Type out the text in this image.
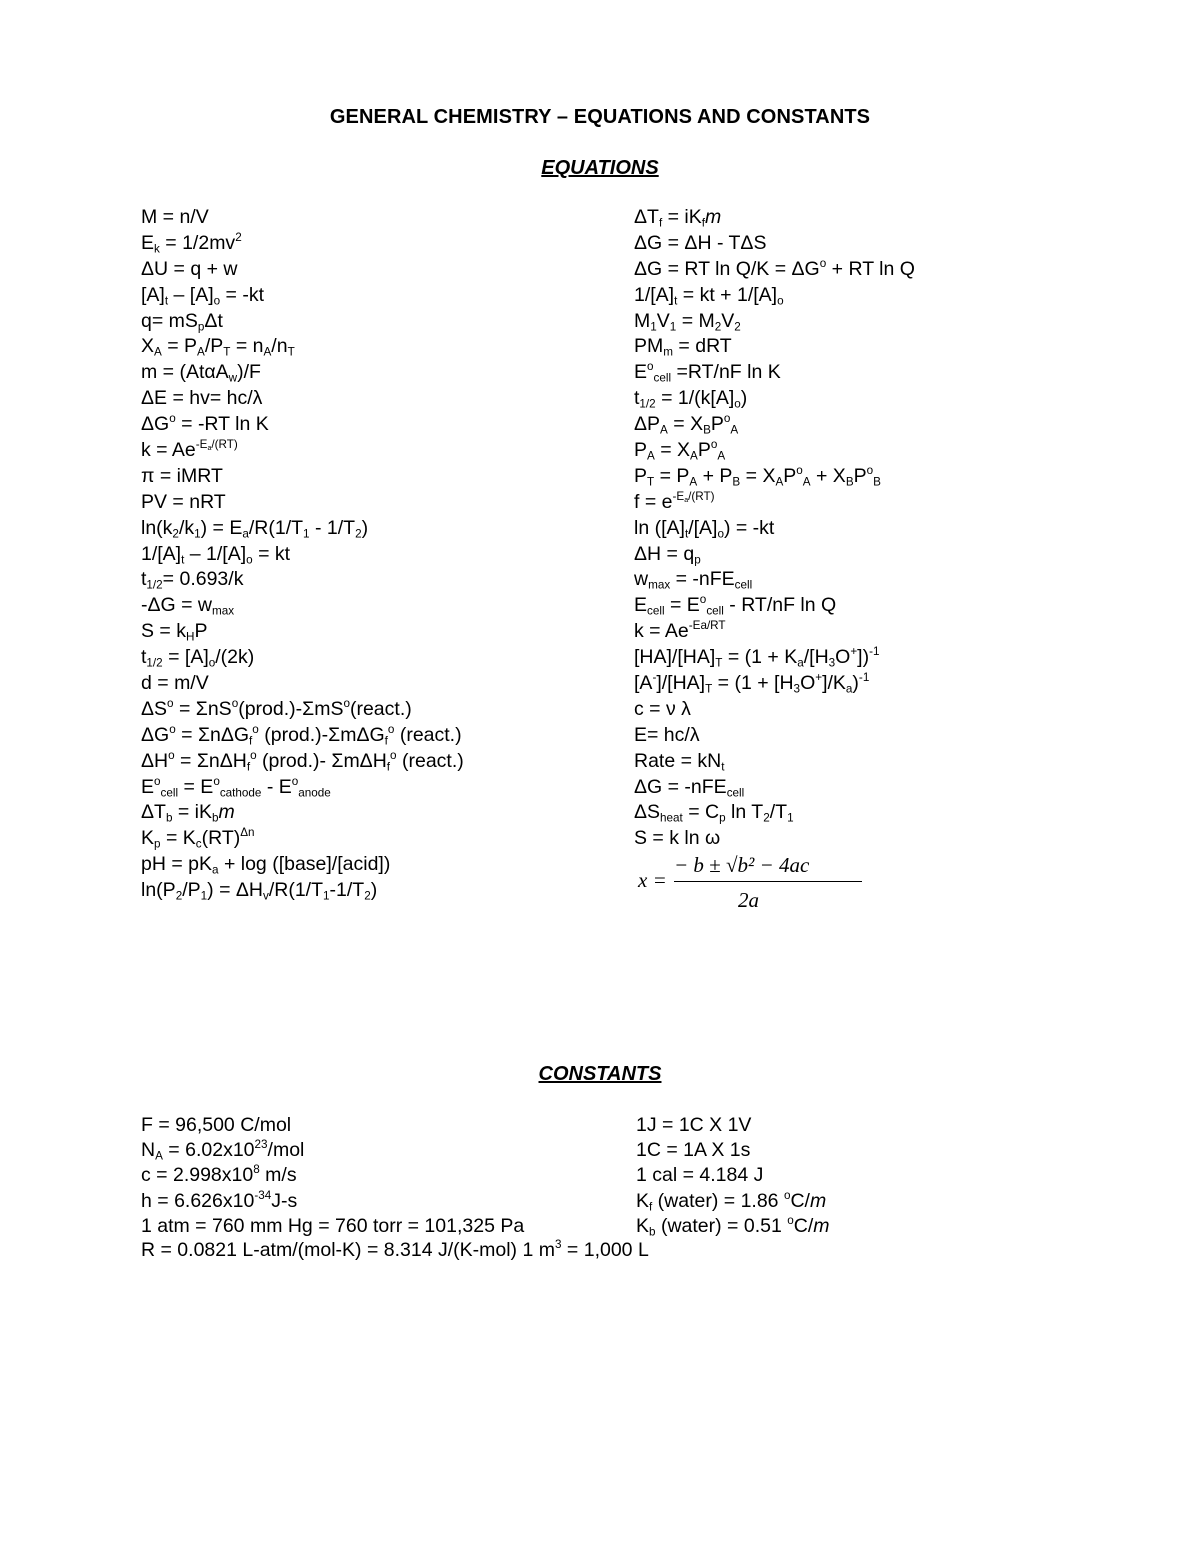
GENERAL CHEMISTRY – EQUATIONS AND CONSTANTS
EQUATIONS
M = n/V
$E_k = 1/2mv^2$
ΔU = q + w
$[A]_t - [A]_o = -kt$
$q= mS_p\Delta t$
$X_A = P_A/P_T = n_A/n_T$
m = (AtαA$_w$)/F
ΔE = hv= hc/λ
$\Delta G^o = -RT$ ln K
$k = Ae^{-E_a/(RT)}$
π = iMRT
PV = nRT
$\ln(k_2/k_1) = E_a/R(1/T_1 - 1/T_2)$
$1/[A]_t - 1/[A]_o$ = kt
$t_{1/2}= 0.693/k$
$-\Delta G = w_{max}$
$S = k_HP$
$t_{1/2} = [A]_o/(2k)$
d = m/V
$\Delta S^o$ = ΣnS$^o$(prod.)-ΣmS$^o$(react.)
$\Delta G^o = \Sigma n\Delta G_f^o$ (prod.)-ΣmΔG$_f^o$ (react.)
$\Delta H^o = \Sigma n\Delta H_f^o$ (prod.)- ΣmΔH$_f^o$ (react.)
$E^o_{cell} = E^o_{cathode} - E^o_{anode}$
$\Delta T_b = iK_bm$
$K_p = K_c(RT)^{\Delta n}$
pH = $pK_a + \log$ ([base]/[acid])
$\ln(P_2/P_1) = \Delta H_v/R(1/T_1-1/T_2)$
$\Delta T_f = iK_fm$
ΔG = ΔH - TΔS
ΔG = RT $\ln Q/K = \Delta G^o$ + RT ln Q
$1/[A]_t$ = kt + $1/[A]_o$
$M_1V_1 = M_2V_2$
$PM_m$ = dRT
$E^o_{cell} =RT/nF$ ln K
$t_{1/2} = 1/(k[A]_o)$
$\Delta P_A = X_BP^o_A$
$P_A = X_AP^o_A$
$P_T = P_A + P_B = X_AP^o_A + X_BP^o_B$
$f = e^{-E_a/(RT)}$
$\ln ([A]_t/[A]_o) = -kt$
$\Delta H = q_p$
$w_{max} = -nFE_{cell}$
$E_{cell} = E^o_{cell} - RT/nF$ ln Q
$k = Ae^{-Ea/RT}$
$[HA]/[HA]_T = (1 + K_a/[H_3O^+])^{-1}$
$[A^-]/[HA]_T = (1 + [H_3O^+]/K_a)^{-1}$
c = ν λ
E= hc/λ
Rate = $kN_t$
ΔG = -nFE$_{cell}$
$\Delta S_{heat} = C_p$ $\ln T_2/T_1$
S = k ln ω
x =
− b ± √b² − 4ac
2a
CONSTANTS
F = 96,500 C/mol
$N_A = 6.02x10^{23}/mol$
$c = 2.998x10^8$ m/s
$h = 6.626x10^{-34}J-s$
1 atm = 760 mm Hg = 760 torr = 101,325 Pa
1J = 1C X 1V
1C = 1A X 1s
1 cal = 4.184 J
$K_f$ (water) = 1.86 $^o$C/m
$K_b$ (water) = 0.51 $^o$C/m
R = 0.0821 L-atm/(mol-K) = 8.314 J/(K-mol) 1 $m^3 = 1,000$ L
